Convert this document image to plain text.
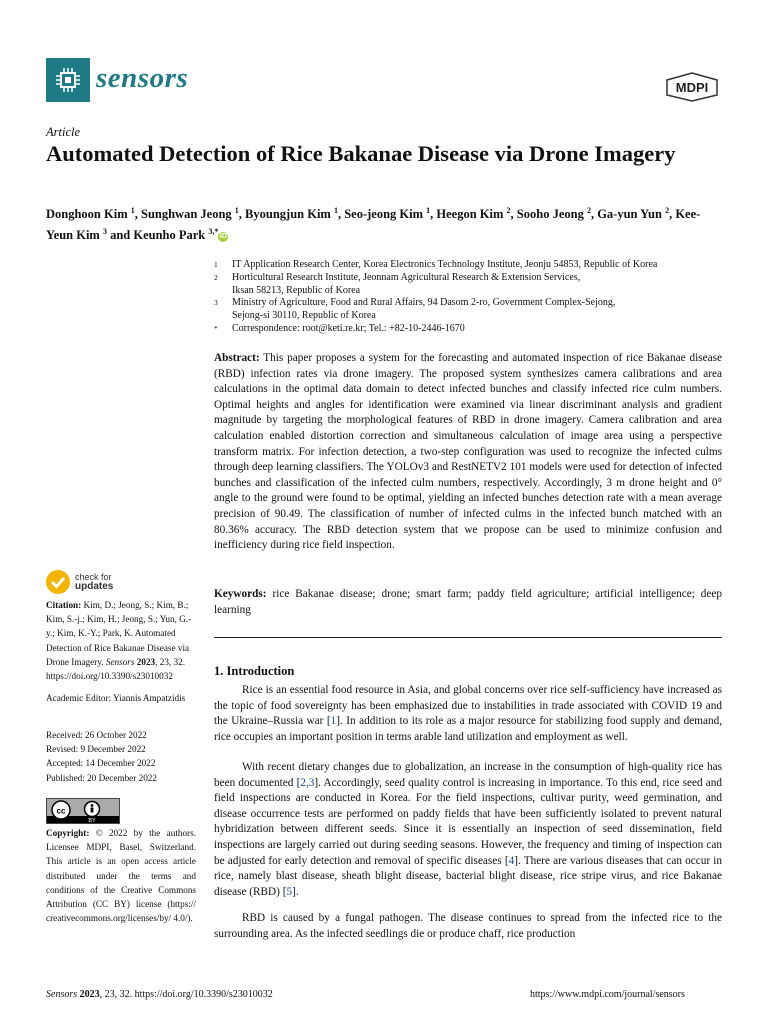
sensors	MDPI
Article
Automated Detection of Rice Bakanae Disease via Drone Imagery
Donghoon Kim $^1$, Sunghwan Jeong $^1$, Byoungjun Kim $^1$, Seo-jeong Kim $^1$, Heegon Kim $^2$, Sooho Jeong $^2$, Ga-yun Yun $^2$, Kee-Yeun Kim $^3$ and Keunho Park $^{3,*}$iD
1 IT Application Research Center, Korea Electronics Technology Institute, Jeonju 54853, Republic of Korea
2 Horticultural Research Institute, Jeonnam Agricultural Research & Extension Services,
Iksan 58213, Republic of Korea
3 Ministry of Agriculture, Food and Rural Affairs, 94 Dasom 2-ro, Government Complex-Sejong,
Sejong-si 30110, Republic of Korea
* Correspondence: root@keti.re.kr; Tel.: +82-10-2446-1670
Abstract: This paper proposes a system for the forecasting and automated inspection of rice Bakanae disease (RBD) infection rates via drone imagery. The proposed system synthesizes camera calibrations and area calculations in the optimal data domain to detect infected bunches and classify infected rice culm numbers. Optimal heights and angles for identification were examined via linear discriminant analysis and gradient magnitude by targeting the morphological features of RBD in drone imagery. Camera calibration and area calculation enabled distortion correction and simultaneous calculation of image area using a perspective transform matrix. For infection detection, a two-step configuration was used to recognize the infected culms through deep learning classifiers. The YOLOv3 and RestNETV2 101 models were used for detection of infected bunches and classification of the infected culm numbers, respectively. Accordingly, 3 m drone height and 0° angle to the ground were found to be optimal, yielding an infected bunches detection rate with a mean average precision of 90.49. The classification of number of infected culms in the infected bunch matched with an 80.36% accuracy. The RBD detection system that we propose can be used to minimize confusion and inefficiency during rice field inspection.
Keywords: rice Bakanae disease; drone; smart farm; paddy field agriculture; artificial intelligence; deep learning
1. Introduction
Rice is an essential food resource in Asia, and global concerns over rice self-sufficiency have increased as the topic of food sovereignty has been emphasized due to instabilities in trade associated with COVID 19 and the Ukraine–Russia war [1]. In addition to its role as a major resource for stabilizing food supply and demand, rice occupies an important position in terms arable land utilization and employment as well.
With recent dietary changes due to globalization, an increase in the consumption of high-quality rice has been documented [2,3]. Accordingly, seed quality control is increasing in importance. To this end, rice seed and field inspections are conducted in Korea. For the field inspections, cultivar purity, weed germination, and disease occurrence tests are performed on paddy fields that have been sufficiently isolated to prevent natural hybridization between different seeds. Since it is essentially an inspection of seed dissemination, field inspections are largely carried out during seeding seasons. However, the frequency and timing of inspection can be adjusted for early detection and removal of specific diseases [4]. There are various diseases that can occur in rice, namely blast disease, sheath blight disease, bacterial blight disease, rice stripe virus, and rice Bakanae disease (RBD) [5].
RBD is caused by a fungal pathogen. The disease continues to spread from the infected rice to the surrounding area. As the infected seedlings die or produce chaff, rice production
check for
updates
Citation: Kim, D.; Jeong, S.; Kim, B.; Kim, S.-j.; Kim, H.; Jeong, S.; Yun, G.-y.; Kim, K.-Y.; Park, K. Automated Detection of Rice Bakanae Disease via Drone Imagery. Sensors 2023, 23, 32. https://doi.org/10.3390/s23010032
Academic Editor: Yiannis Ampatzidis
Received: 26 October 2022
Revised: 9 December 2022
Accepted: 14 December 2022
Published: 20 December 2022
cc
BY
Copyright: © 2022 by the authors. Licensee MDPI, Basel, Switzerland. This article is an open access article distributed under the terms and conditions of the Creative Commons Attribution (CC BY) license (https:// creativecommons.org/licenses/by/ 4.0/).
Sensors 2023, 23, 32. https://doi.org/10.3390/s23010032	https://www.mdpi.com/journal/sensors
